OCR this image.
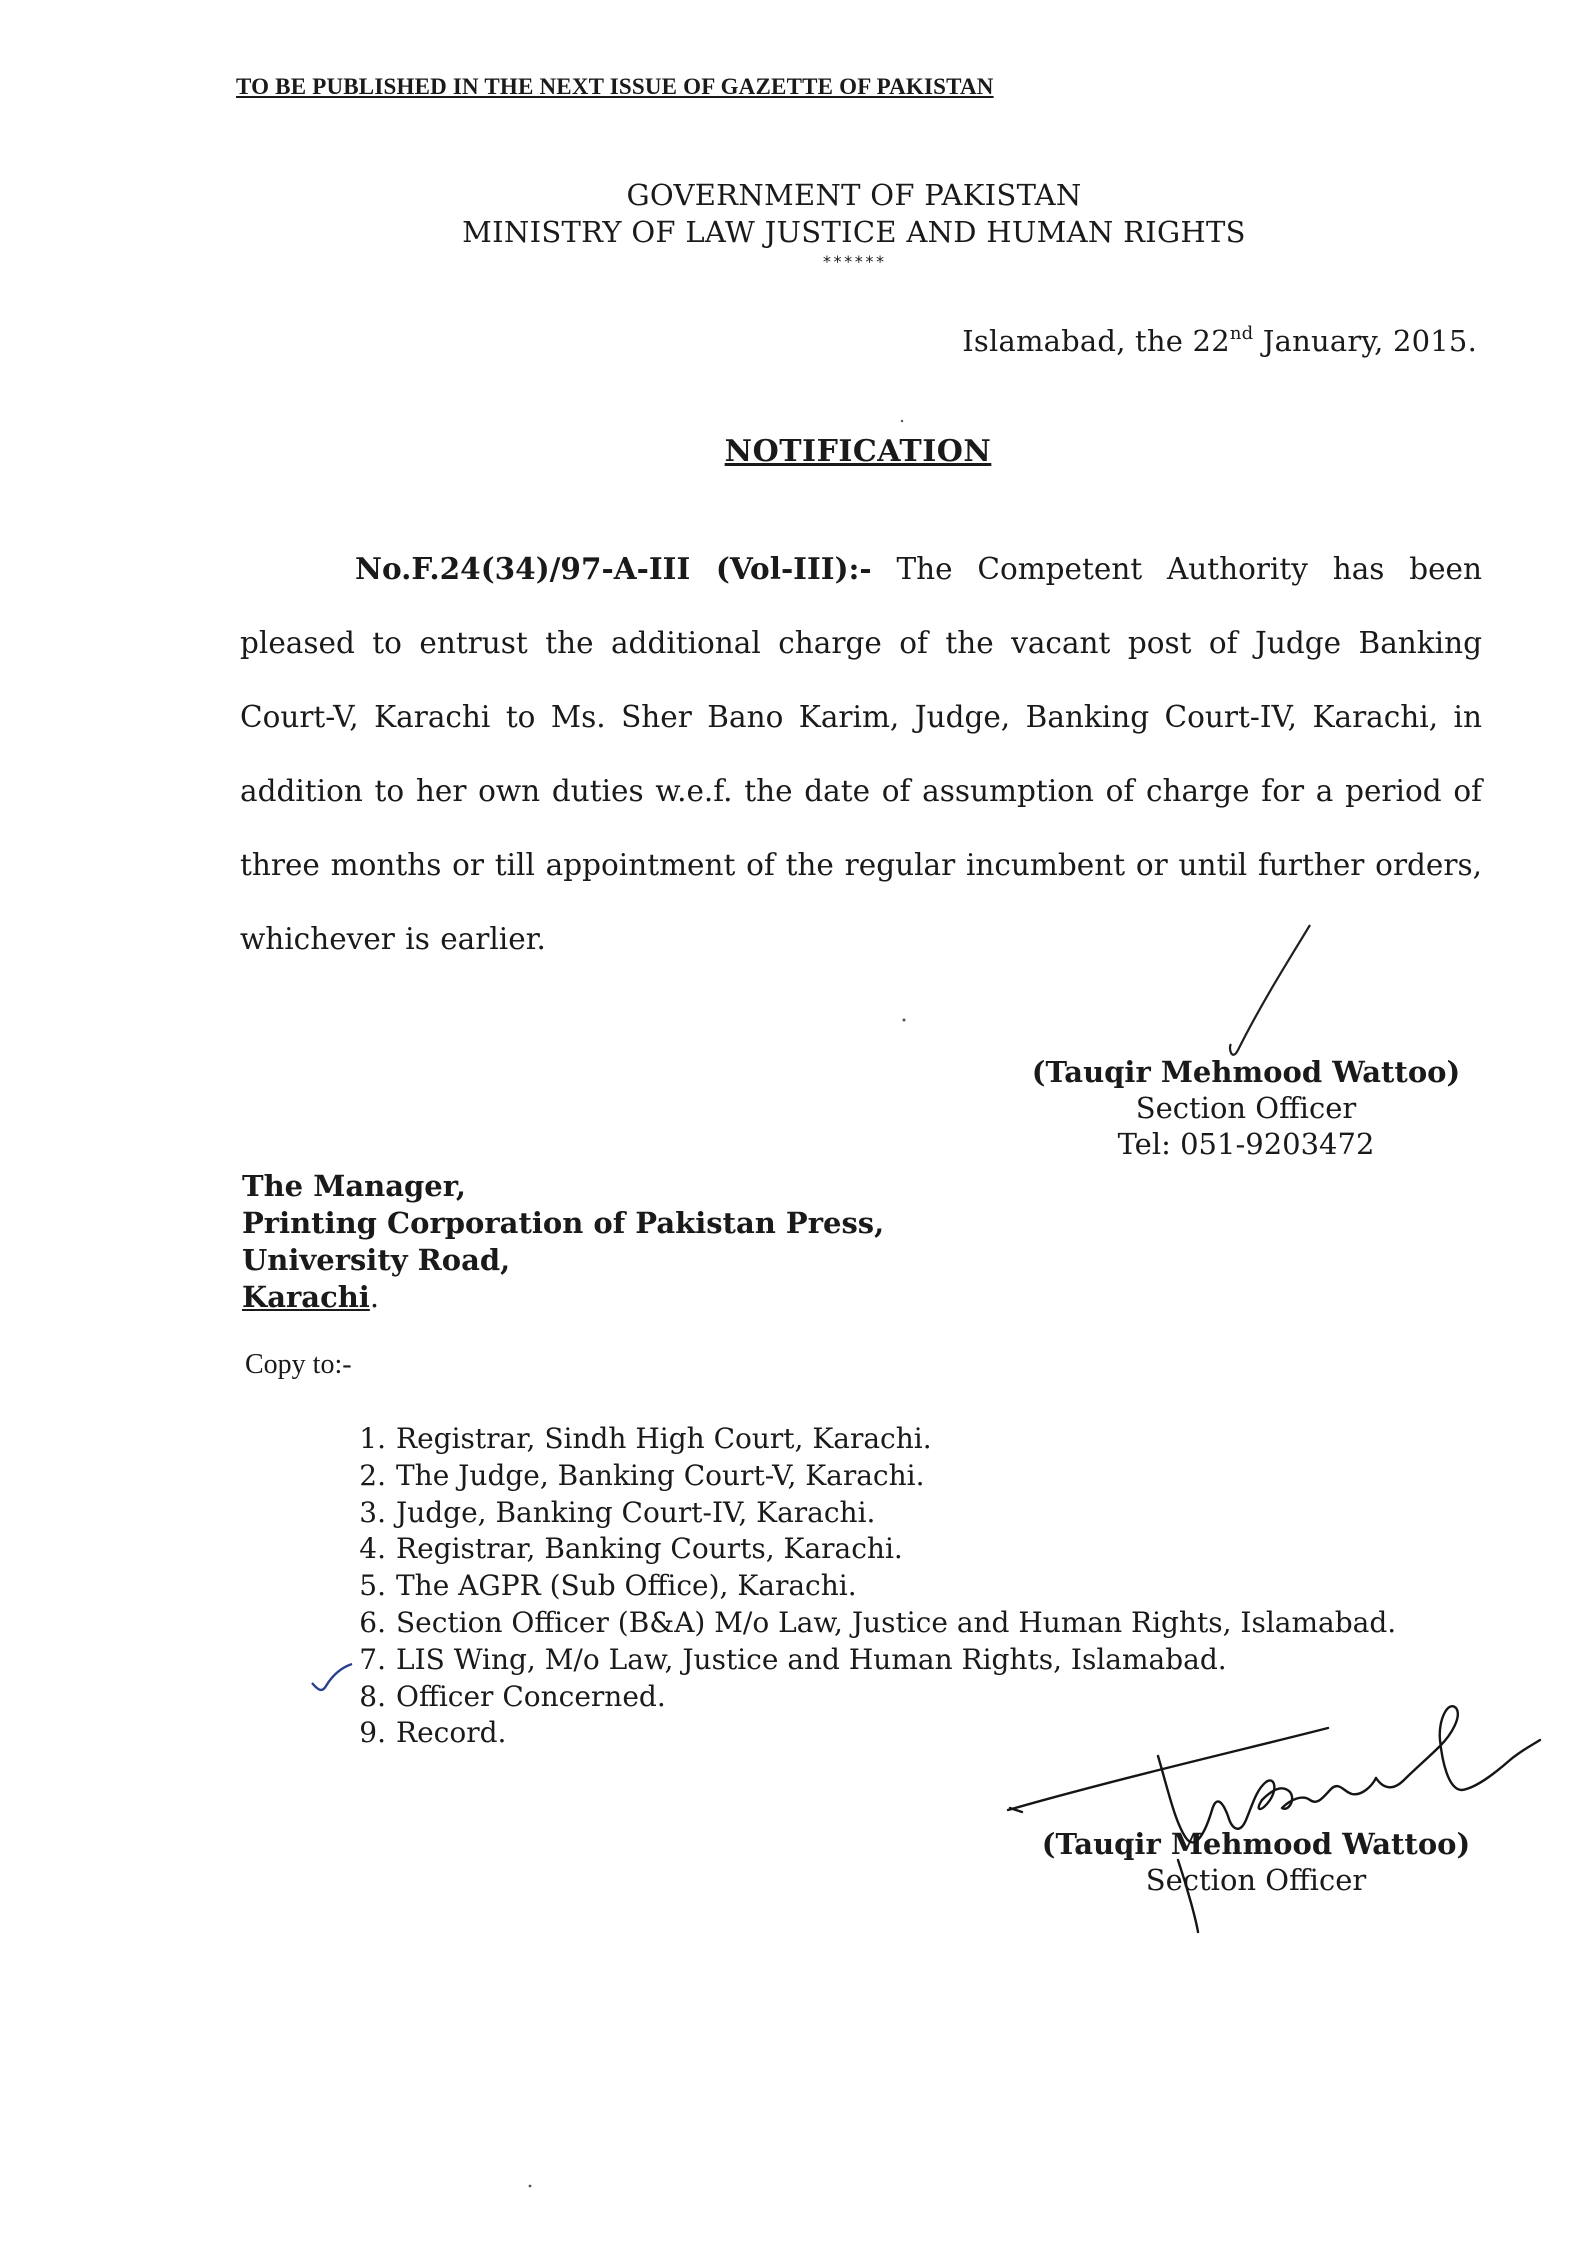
TO BE PUBLISHED IN THE NEXT ISSUE OF GAZETTE OF PAKISTAN
GOVERNMENT OF PAKISTAN
MINISTRY OF LAW JUSTICE AND HUMAN RIGHTS
******
Islamabad, the 22nd January, 2015.
NOTIFICATION
No.F.24(34)/97-A-III (Vol-III):- The Competent Authority has been pleased to entrust the additional charge of the vacant post of Judge Banking Court-V, Karachi to Ms. Sher Bano Karim, Judge, Banking Court-IV, Karachi, in addition to her own duties w.e.f. the date of assumption of charge for a period of three months or till appointment of the regular incumbent or until further orders, whichever is earlier.
(Tauqir Mehmood Wattoo)
Section Officer
Tel: 051-9203472
The Manager,
Printing Corporation of Pakistan Press,
University Road,
Karachi.
Copy to:-
1. Registrar, Sindh High Court, Karachi.
2. The Judge, Banking Court-V, Karachi.
3. Judge, Banking Court-IV, Karachi.
4. Registrar, Banking Courts, Karachi.
5. The AGPR (Sub Office), Karachi.
6. Section Officer (B&A) M/o Law, Justice and Human Rights, Islamabad.
7. LIS Wing, M/o Law, Justice and Human Rights, Islamabad.
8. Officer Concerned.
9. Record.
(Tauqir Mehmood Wattoo)
Section Officer
